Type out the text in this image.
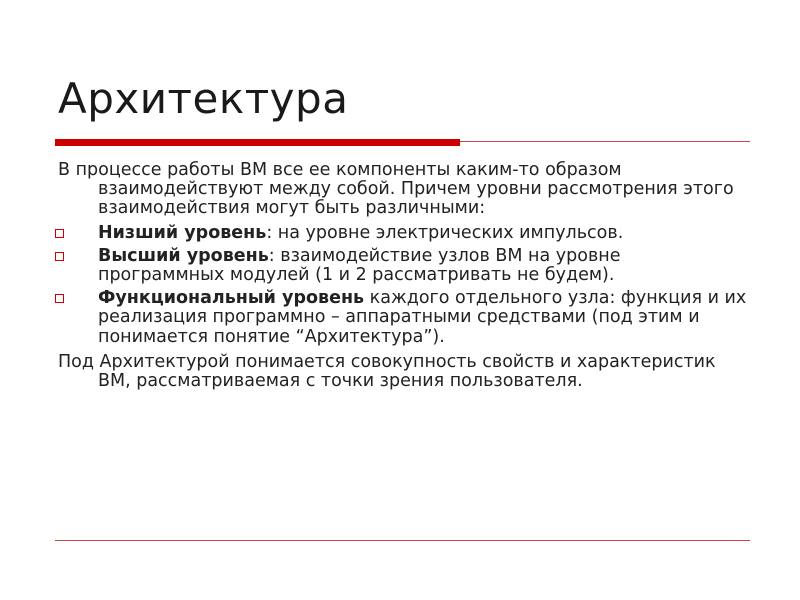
Архитектура

В процессе работы ВМ все ее компоненты каким-то образом взаимодействуют между собой. Причем уровни рассмотрения этого взаимодействия могут быть различными:

Низший уровень: на уровне электрических импульсов.
Высший уровень: взаимодействие узлов ВМ на уровне программных модулей (1 и 2 рассматривать не будем).
Функциональный уровень каждого отдельного узла: функция и их реализация программно – аппаратными средствами (под этим и понимается понятие “Архитектура”).

Под Архитектурой понимается совокупность свойств и характеристик ВМ, рассматриваемая с точки зрения пользователя.
